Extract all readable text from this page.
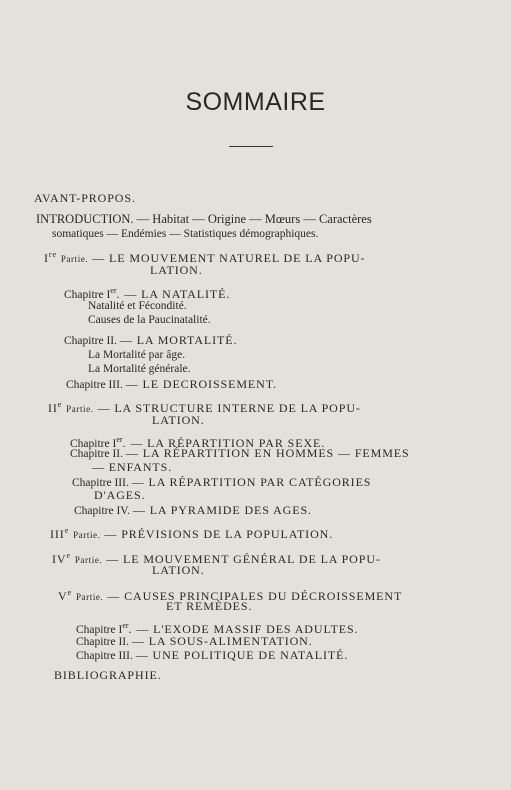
SOMMAIRE
AVANT-PROPOS.
INTRODUCTION. — Habitat — Origine — Mœurs — Caractères
somatiques — Endémies — Statistiques démographiques.
Ire Partie. — LE MOUVEMENT NATUREL DE LA POPU-
LATION.
Chapitre Ier. — LA NATALITÉ.
Natalité et Fécondité.
Causes de la Paucinatalité.
Chapitre II. — LA MORTALITÉ.
La Mortalité par âge.
La Mortalité générale.
Chapitre III. — LE DECROISSEMENT.
IIe Partie. — LA STRUCTURE INTERNE DE LA POPU-
LATION.
Chapitre Ier. — LA RÉPARTITION PAR SEXE.
Chapitre II. — LA RÉPARTITION EN HOMMES — FEMMES
— ENFANTS.
Chapitre III. — LA RÉPARTITION PAR CATÉGORIES
D'AGES.
Chapitre IV. — LA PYRAMIDE DES AGES.
IIIe Partie. — PRÉVISIONS DE LA POPULATION.
IVe Partie. — LE MOUVEMENT GÉNÉRAL DE LA POPU-
LATION.
Ve Partie. — CAUSES PRINCIPALES DU DÉCROISSEMENT
ET REMÈDES.
Chapitre Ier. — L'EXODE MASSIF DES ADULTES.
Chapitre II. — LA SOUS-ALIMENTATION.
Chapitre III. — UNE POLITIQUE DE NATALITÉ.
BIBLIOGRAPHIE.
